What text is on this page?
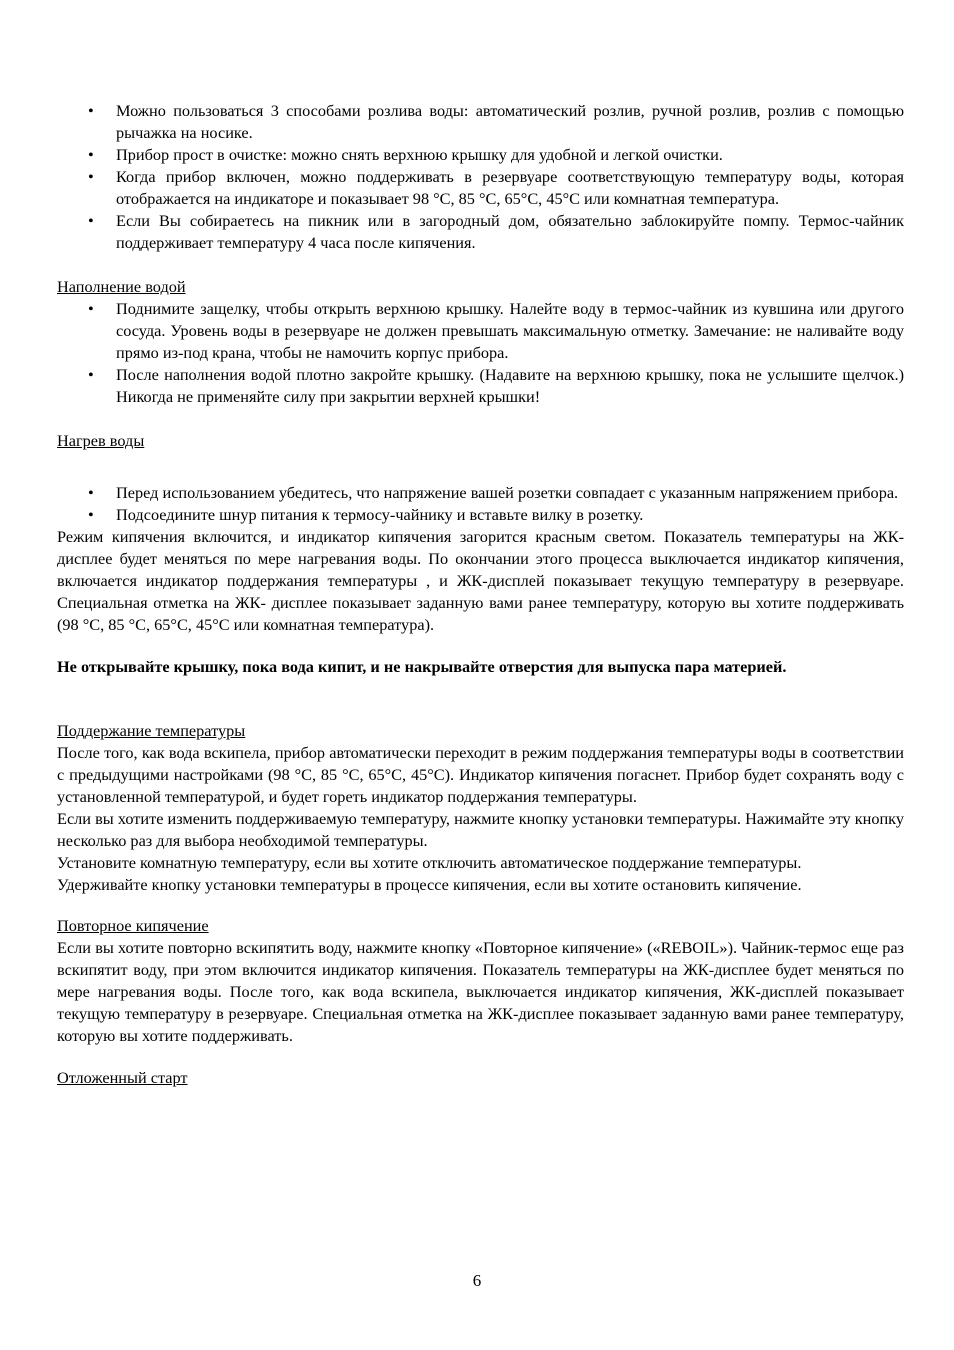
• Можно пользоваться 3 способами розлива воды: автоматический розлив, ручной розлив, розлив с помощью рычажка на носике.
• Прибор прост в очистке: можно снять верхнюю крышку для удобной и легкой очистки.
• Когда прибор включен, можно поддерживать в резервуаре соответствующую температуру воды, которая отображается на индикаторе и показывает 98 °C, 85 °C, 65°C, 45°C или комнатная температура.
• Если Вы собираетесь на пикник или в загородный дом, обязательно заблокируйте помпу. Термос-чайник поддерживает температуру 4 часа после кипячения.

Наполнение водой

• Поднимите защелку, чтобы открыть верхнюю крышку. Налейте воду в термос-чайник из кувшина или другого сосуда. Уровень воды в резервуаре не должен превышать максимальную отметку. Замечание: не наливайте воду прямо из-под крана, чтобы не намочить корпус прибора.
• После наполнения водой плотно закройте крышку. (Надавите на верхнюю крышку, пока не услышите щелчок.) Никогда не применяйте силу при закрытии верхней крышки!

Нагрев воды

• Перед использованием убедитесь, что напряжение вашей розетки совпадает с указанным напряжением прибора.
• Подсоедините шнур питания к термосу-чайнику и вставьте вилку в розетку.

Режим кипячения включится, и индикатор кипячения загорится красным светом. Показатель температуры на ЖК-дисплее будет меняться по мере нагревания воды. По окончании этого процесса выключается индикатор кипячения, включается индикатор поддержания температуры , и ЖК-дисплей показывает текущую температуру в резервуаре. Специальная отметка на ЖК- дисплее показывает заданную вами ранее температуру, которую вы хотите поддерживать (98 °C, 85 °C, 65°C, 45°C или комнатная температура).

Не открывайте крышку, пока вода кипит, и не накрывайте отверстия для выпуска пара материей.

Поддержание температуры

После того, как вода вскипела, прибор автоматически переходит в режим поддержания температуры воды в соответствии с предыдущими настройками (98 °C, 85 °C, 65°C, 45°C). Индикатор кипячения погаснет. Прибор будет сохранять воду с установленной температурой, и будет гореть индикатор поддержания температуры.

Если вы хотите изменить поддерживаемую температуру, нажмите кнопку установки температуры. Нажимайте эту кнопку несколько раз для выбора необходимой температуры.

Установите комнатную температуру, если вы хотите отключить автоматическое поддержание температуры.

Удерживайте кнопку установки температуры в процессе кипячения, если вы хотите остановить кипячение.

Повторное кипячение

Если вы хотите повторно вскипятить воду, нажмите кнопку «Повторное кипячение» («REBOIL»). Чайник-термос еще раз вскипятит воду, при этом включится индикатор кипячения. Показатель температуры на ЖК-дисплее будет меняться по мере нагревания воды. После того, как вода вскипела, выключается индикатор кипячения, ЖК-дисплей показывает текущую температуру в резервуаре. Специальная отметка на ЖК-дисплее показывает заданную вами ранее температуру, которую вы хотите поддерживать.

Отложенный старт

6
